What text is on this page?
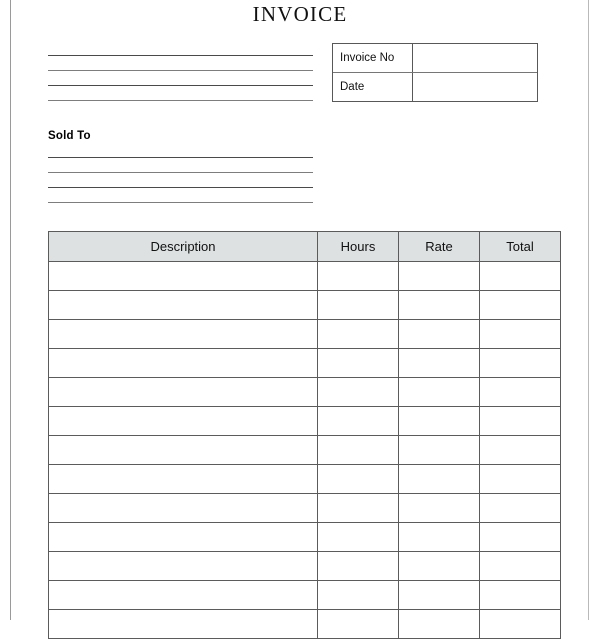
INVOICE
Invoice No
Date
Sold To
Description	Hours	Rate	Total
